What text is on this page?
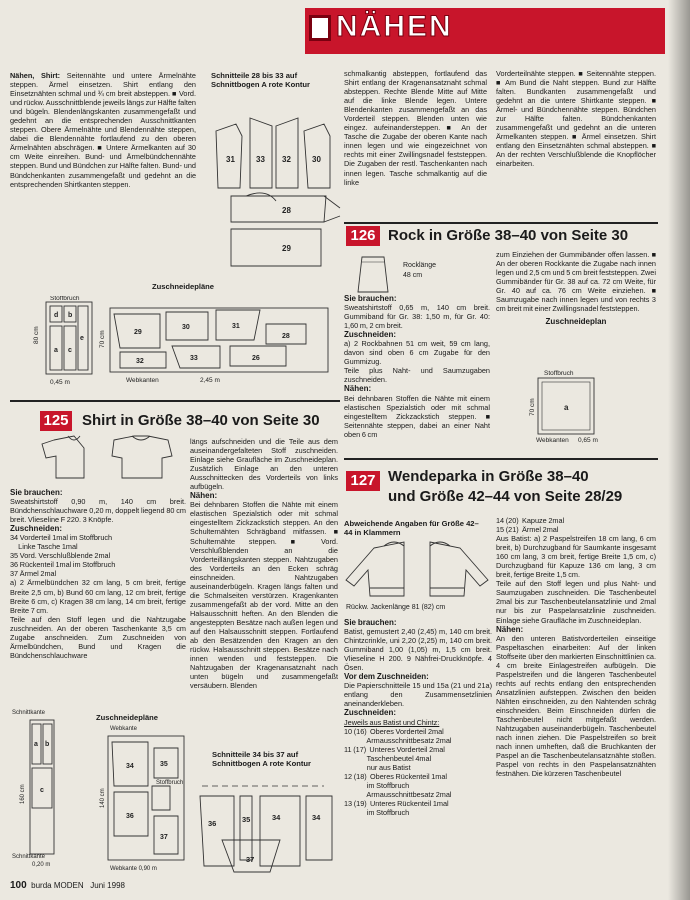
NÄHEN

Nähen, Shirt: Seitennähte und untere Ärmelnähte steppen. Ärmel einsetzen. Shirt entlang den Einsetznähten schmal und ¾ cm breit absteppen. ■ Vord. und rückw. Ausschnittblende jeweils längs zur Hälfte falten und bügeln. Blendenlängskanten zusammengefaßt und gedehnt an die entsprechenden Ausschnittkanten steppen. Obere Ärmelnähte und Blendennähte steppen, dabei die Blendennähte fortlaufend zu den oberen Ärmelnähten abschrägen. ■ Untere Ärmelkanten auf 30 cm Weite einreihen. Bund- und Ärmelbündchennähte steppen. Bund und Bündchen zur Hälfte falten. Bund- und Bündchenkanten zusammengefaßt und gedehnt an die entsprechenden Shirtkanten steppen.

Schnitteile 28 bis 33 auf Schnittbogen A rote Kontur
31	33 32	30
28
29
Zuschneidepläne
Stoffbruch
80 cm
0,45 m
70 cm
2,45 m
Webkanten
d b
a c
e
29
30	31
28
32	33	26

schmalkantig absteppen, fortlaufend das Shirt entlang der Kragenansatznaht schmal absteppen. Rechte Blende Mitte auf Mitte auf die linke Blende legen. Untere Blendenkanten zusammengefaßt an das Vorderteil steppen. Blenden unten wie eingez. aufeinandersteppen. ■ An der Tasche die Zugabe der oberen Kante nach innen legen und wie eingezeichnet von rechts mit einer Zwillingsnadel feststeppen. Die Zugaben der restl. Taschenkanten nach innen legen. Tasche schmalkantig auf die linke

Vorderteilnähte steppen. ■ Seitennähte steppen. ■ Am Bund die Naht steppen. Bund zur Hälfte falten. Bundkanten zusammengefaßt und gedehnt an die untere Shirtkante steppen. ■ Ärmel- und Bündchennähte steppen. Bündchen zur Hälfte falten. Bündchenkanten zusammengefaßt und gedehnt an die unteren Ärmelkanten steppen. ■ Ärmel einsetzen. Shirt entlang den Einsetznähten schmal absteppen. ■ An der rechten Verschlußblende die Knopflöcher einarbeiten.

126 Rock in Größe 38–40 von Seite 30
Rocklänge
48 cm

Sie brauchen:

Sweatshirtstoff 0,65 m, 140 cm breit. Gummiband für Gr. 38: 1,50 m, für Gr. 40: 1,60 m, 2 cm breit.

Zuschneiden:

a) 2 Rockbahnen 51 cm weit, 59 cm lang, davon sind oben 6 cm Zugabe für den Gummizug.

Teile plus Naht- und Saumzugaben zuschneiden.

Nähen:

Bei dehnbaren Stoffen die Nähte mit einem elastischen Spezialstich oder mit schmal eingestelltem Zickzackstich steppen. ■ Seitennähte steppen, dabei an einer Naht oben 6 cm

zum Einziehen der Gummibänder offen lassen. ■ An der oberen Rockkante die Zugabe nach innen legen und 2,5 cm und 5 cm breit feststeppen. Zwei Gummibänder für Gr. 38 auf ca. 72 cm Weite, für Gr. 40 auf ca. 76 cm Weite einziehen. ■ Saumzugabe nach innen legen und von rechts 3 cm breit mit einer Zwillingsnadel feststeppen.

Zuschneideplan

Stoffbruch
70 cm	a
Webkanten 0,65 m
125 Shirt in Größe 38–40 von Seite 30

Sie brauchen:

Sweatshirtstoff 0,90 m, 140 cm breit. Bündchenschlauchware 0,20 m, doppelt liegend 80 cm breit. Vlieseline F 220. 3 Knöpfe.

Zuschneiden:

34 Vorderteil 1mal im Stoffbruch

Linke Tasche 1mal

35 Vord. Verschlußblende 2mal

36 Rückenteil 1mal im Stoffbruch

37 Ärmel 2mal

a) 2 Ärmelbündchen 32 cm lang, 5 cm breit, fertige Breite 2,5 cm, b) Bund 60 cm lang, 12 cm breit, fertige Breite 6 cm, c) Kragen 38 cm lang, 14 cm breit, fertige Breite 7 cm.

Teile auf den Stoff legen und die Nahtzugabe zuschneiden. An der oberen Taschenkante 3,5 cm Zugabe anschneiden. Zum Zuschneiden von Ärmelbündchen, Bund und Kragen die Bündchenschlauchware

längs aufschneiden und die Teile aus dem auseinandergefalteten Stoff zuschneiden. Einlage siehe Graufläche im Zuschneideplan. Zusätzlich Einlage an den unteren Ausschnittecken des Vorderteils von links aufbügeln.

Nähen:

Bei dehnbaren Stoffen die Nähte mit einem elastischen Spezialstich oder mit schmal eingestelltem Zickzackstich steppen. An den Schulternähten Schrägband mitfassen. ■ Schulternähte steppen. ■ Vord. Verschlußblenden an die Vorderteillängskanten steppen. Nahtzugaben des Vorderteils an den Ecken schräg einschneiden. Nahtzugaben auseinanderbügeln. Kragen längs falten und die Schmalseiten verstürzen. Kragenkanten zusammengefaßt ab der vord. Mitte an den Halsausschnitt heften. An den Blenden die angesteppten Besätze nach außen legen und auf den Halsausschnitt steppen. Fortlaufend ab den Besätzenden den Kragen an den rückw. Halsausschnitt steppen. Besätze nach innen wenden und feststeppen. Die Nahtzugaben der Kragenansatznaht nach unten bügeln und zusammengefaßt versäubern. Blenden

Zuschneidepläne
Schnittkante
Webkante
140 cm
160 cm
Stoffbruch
Webkante 0,90 m
0,20 m
Schnittkante
a b
c
34
36
35
37
Schnitteile 34 bis 37 auf Schnittbogen A rote Kontur
36	35	34	34
37
127 Wendeparka in Größe 38–40
und Größe 42–44 von Seite 28/29
Abweichende Angaben für Größe 42–44 in Klammern
Rückw. Jackenlänge 81 (82) cm

Sie brauchen:

Batist, gemustert 2,40 (2,45) m, 140 cm breit. Chintzcrinkle, uni 2,20 (2,25) m, 140 cm breit. Gummiband 1,00 (1,05) m, 1,5 cm breit. Vlieseline H 200. 9 Nähfrei-Druckknöpfe. 4 Ösen.

Vor dem Zuschneiden:

Die Papierschnitteile 15 und 15a (21 und 21a) entlang den Zusammensetzlinien aneinanderkleben.

Zuschneiden:

Jeweils aus Batist und Chintz:

10 (16)  Oberes Vorderteil 2mal

Armausschnittbesatz 2mal

11 (17)  Unteres Vorderteil 2mal

Taschenbeutel 4mal

nur aus Batist

12 (18)  Oberes Rückenteil 1mal

im Stoffbruch

Armausschnittbesatz 2mal

13 (19)  Unteres Rückenteil 1mal

im Stoffbruch

14 (20)  Kapuze 2mal

15 (21)  Ärmel 2mal

Aus Batist: a) 2 Paspelstreifen 18 cm lang, 6 cm breit, b) Durchzugband für Saumkante insgesamt 160 cm lang, 3 cm breit, fertige Breite 1,5 cm, c) Durchzugband für Kapuze 136 cm lang, 3 cm breit, fertige Breite 1,5 cm.

Teile auf den Stoff legen und plus Naht- und Saumzugaben zuschneiden. Die Taschenbeutel 2mal bis zur Taschenbeutelansatzlinie und 2mal nur bis zur Paspelansatzlinie zuschneiden. Einlage siehe Graufläche im Zuschneideplan.

Nähen:

An den unteren Batistvorderteilen einseitige Paspeltaschen einarbeiten: Auf der linken Stoffseite über den markierten Einschnittlinien ca. 4 cm breite Einlagestreifen aufbügeln. Die Paspelstreifen und die längeren Taschenbeutel rechts auf rechts entlang den entsprechenden Ansatzlinien aufsteppen. Zwischen den beiden Nähten einschneiden, zu den Nahtenden schräg einschneiden. Beim Einschneiden dürfen die Taschenbeutel nicht mitgefaßt werden. Nahtzugaben auseinanderbügeln. Taschenbeutel nach innen ziehen. Die Paspelstreifen so breit nach innen umheften, daß die Bruchkanten der Paspel an die Taschenbeutelansatznähte stoßen. Paspel von rechts in den Paspelansatznähten festnähen. Die kürzeren Taschenbeutel

100 burda MODEN Juni 1998
